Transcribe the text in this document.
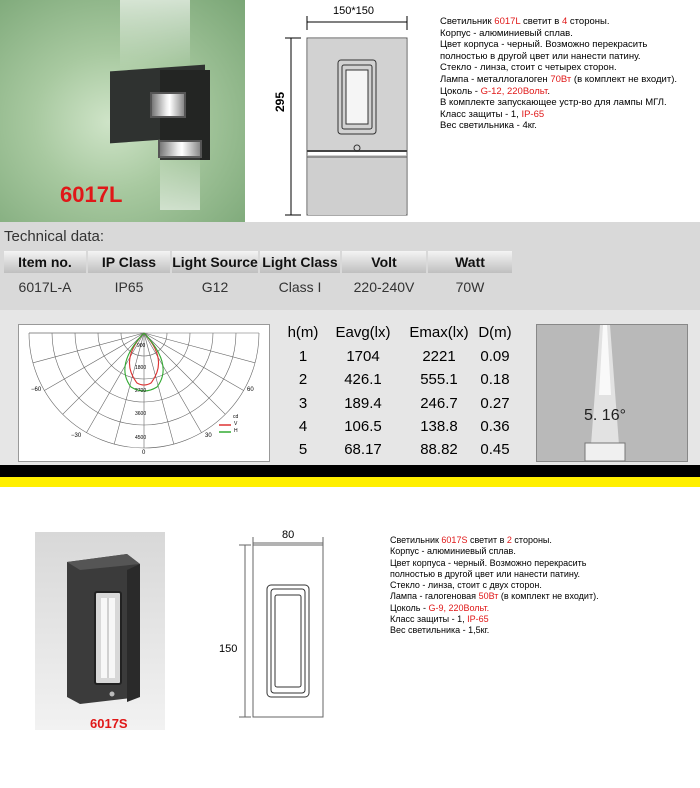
6017L
150*150
295
Светильник 6017L светит в 4 стороны.
Корпус - алюминиевый сплав.
Цвет корпуса - черный. Возможно перекрасить
полностью в другой цвет или нанести патину.
Стекло - линза, стоит с четырех сторон.
Лампа - металлогалоген 70Вт (в комплект не входит).
Цоколь - G-12, 220Вольт.
В комплекте запускающее устр-во для лампы МГЛ.
Класс защиты - 1, IP-65
Вес светильника - 4кг.
Technical data:
Item no.	IP Class	Light Source	Light Class	Volt	Watt
6017L-A	IP65	G12	Class I	220-240V	70W
900
1800
2700
3600
4500
−60	60
−30	30
0
cd
V
H
h(m)	Eavg(lx)	Emax(lx) D(m)
1	1704	2221	0.09
2	426.1	555.1	0.18
3	189.4	246.7	0.27
4	106.5	138.8	0.36
5	68.17	88.82	0.45
5. 16°
6017S
80
150
Светильник 6017S светит в 2 стороны.
Корпус - алюминиевый сплав.
Цвет корпуса - черный. Возможно перекрасить
полностью в другой цвет или нанести патину.
Стекло - линза, стоит с двух сторон.
Лампа - галогеновая 50Вт (в комплект не входит).
Цоколь - G-9, 220Вольт.
Класс защиты - 1, IP-65
Вес светильника - 1,5кг.
